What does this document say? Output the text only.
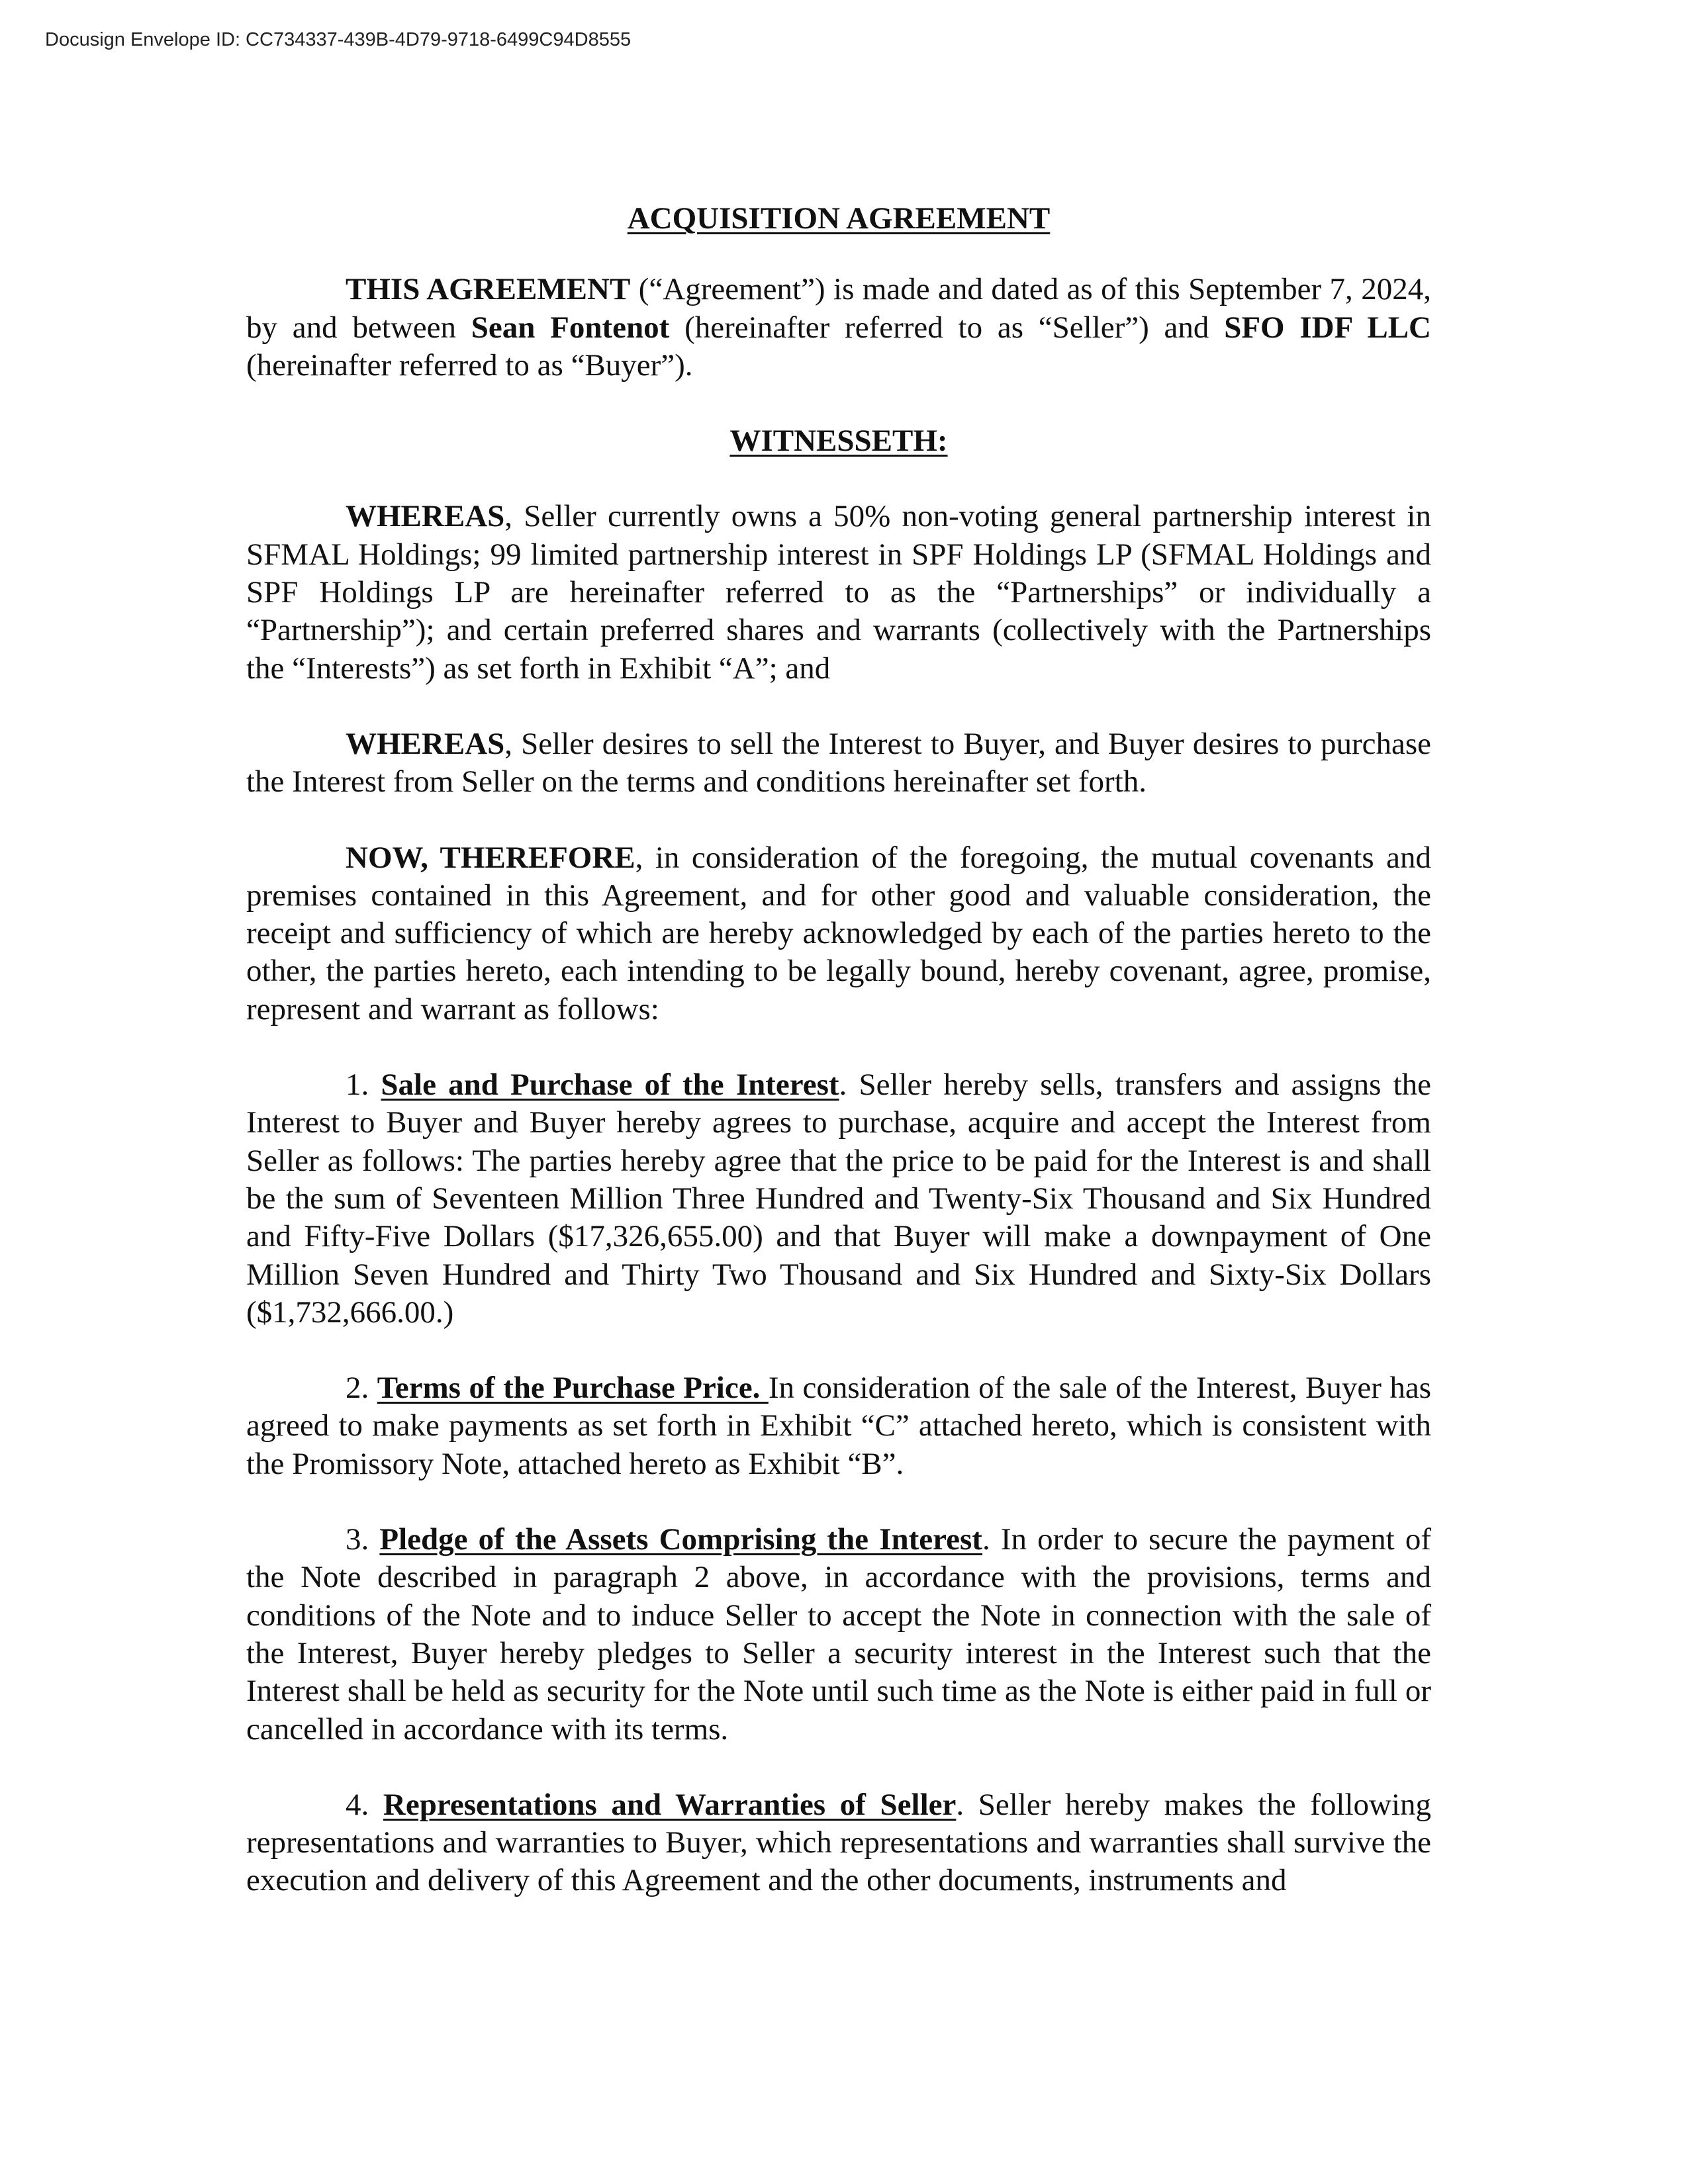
Docusign Envelope ID: CC734337-439B-4D79-9718-6499C94D8555
ACQUISITION AGREEMENT

THIS AGREEMENT (“Agreement”) is made and dated as of this September 7, 2024, by and between Sean Fontenot (hereinafter referred to as “Seller”) and SFO IDF LLC (hereinafter referred to as “Buyer”).

WITNESSETH:

WHEREAS, Seller currently owns a 50% non-voting general partnership interest in SFMAL Holdings; 99 limited partnership interest in SPF Holdings LP (SFMAL Holdings and SPF Holdings LP are hereinafter referred to as the “Partnerships” or individually a “Partnership”); and certain preferred shares and warrants (collectively with the Partnerships the “Interests”) as set forth in Exhibit “A”; and

WHEREAS, Seller desires to sell the Interest to Buyer, and Buyer desires to purchase the Interest from Seller on the terms and conditions hereinafter set forth.

NOW, THEREFORE, in consideration of the foregoing, the mutual covenants and premises contained in this Agreement, and for other good and valuable consideration, the receipt and sufficiency of which are hereby acknowledged by each of the parties hereto to the other, the parties hereto, each intending to be legally bound, hereby covenant, agree, promise, represent and warrant as follows:

1. Sale and Purchase of the Interest. Seller hereby sells, transfers and assigns the Interest to Buyer and Buyer hereby agrees to purchase, acquire and accept the Interest from Seller as follows: The parties hereby agree that the price to be paid for the Interest is and shall be the sum of Seventeen Million Three Hundred and Twenty-Six Thousand and Six Hundred and Fifty-Five Dollars ($17,326,655.00) and that Buyer will make a downpayment of One Million Seven Hundred and Thirty Two Thousand and Six Hundred and Sixty-Six Dollars ($1,732,666.00.)

2. Terms of the Purchase Price. In consideration of the sale of the Interest, Buyer has agreed to make payments as set forth in Exhibit “C” attached hereto, which is consistent with the Promissory Note, attached hereto as Exhibit “B”.

3. Pledge of the Assets Comprising the Interest. In order to secure the payment of the Note described in paragraph 2 above, in accordance with the provisions, terms and conditions of the Note and to induce Seller to accept the Note in connection with the sale of the Interest, Buyer hereby pledges to Seller a security interest in the Interest such that the Interest shall be held as security for the Note until such time as the Note is either paid in full or cancelled in accordance with its terms.

4. Representations and Warranties of Seller. Seller hereby makes the following representations and warranties to Buyer, which representations and warranties shall survive the execution and delivery of this Agreement and the other documents, instruments and
